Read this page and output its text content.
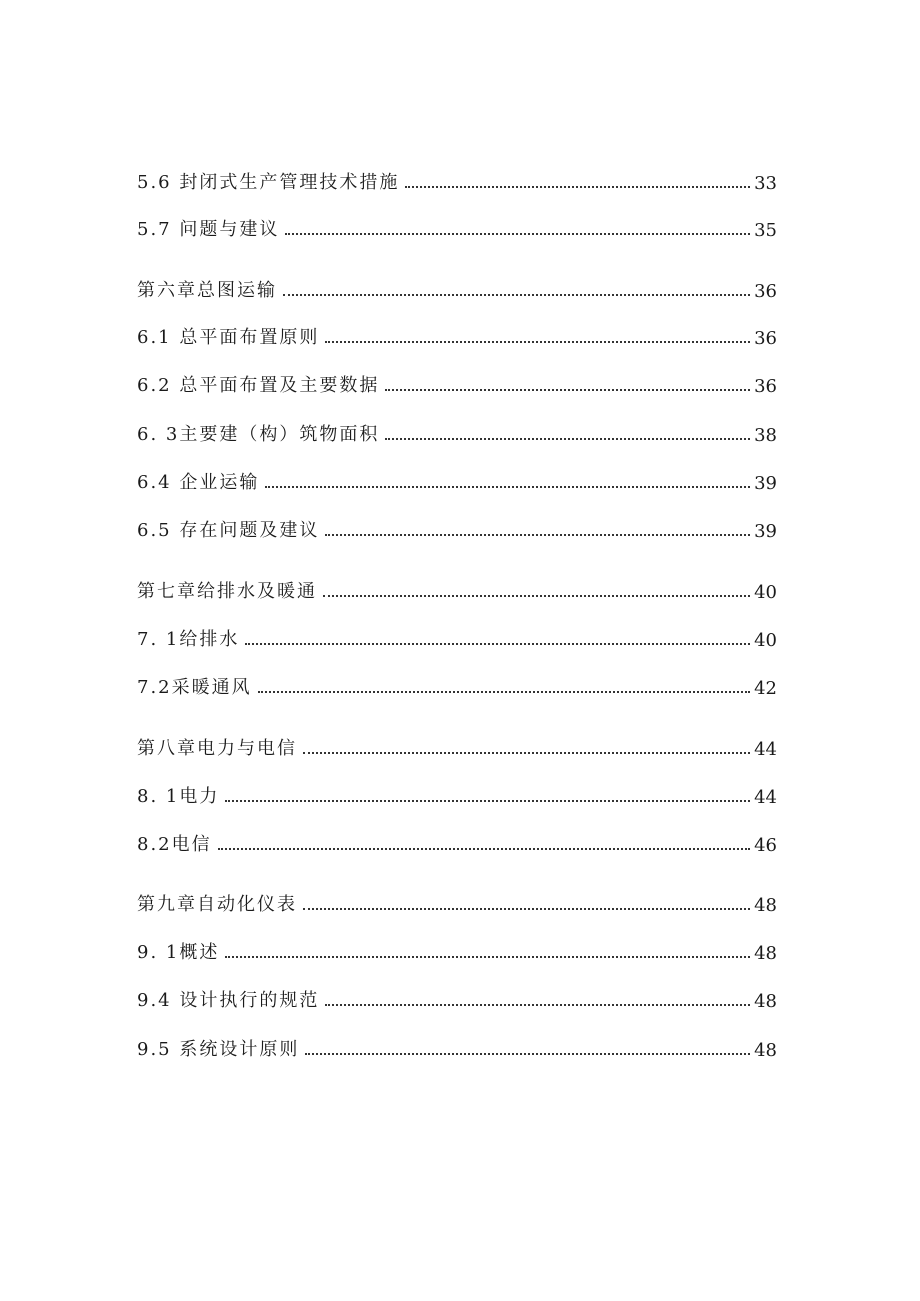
5.6 封闭式生产管理技术措施	33
5.7 问题与建议	35
第六章总图运输	36
6.1 总平面布置原则	36
6.2 总平面布置及主要数据	36
6. 3主要建（构）筑物面积	38
6.4 企业运输	39
6.5 存在问题及建议	39
第七章给排水及暖通	40
7. 1给排水	40
7.2采暖通风	42
第八章电力与电信	44
8. 1电力	44
8.2电信	46
第九章自动化仪表	48
9. 1概述	48
9.4 设计执行的规范	48
9.5 系统设计原则	48
